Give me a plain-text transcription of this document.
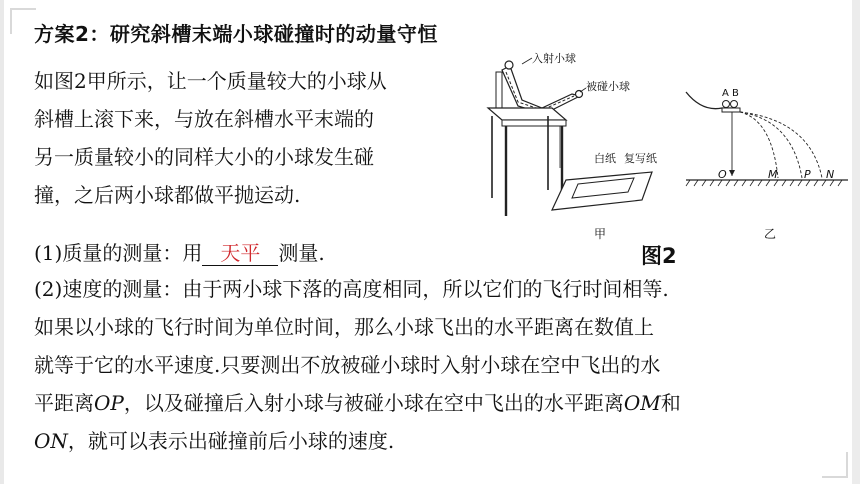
方案2：研究斜槽末端小球碰撞时的动量守恒
如图2甲所示，让一个质量较大的小球从
斜槽上滚下来，与放在斜槽水平末端的
另一质量较小的同样大小的小球发生碰
撞，之后两小球都做平抛运动.
(1)质量的测量：用 天平 测量.
(2)速度的测量：由于两小球下落的高度相同，所以它们的飞行时间相等.
如果以小球的飞行时间为单位时间，那么小球飞出的水平距离在数值上
就等于它的水平速度.只要测出不放被碰小球时入射小球在空中飞出的水
平距离OP，以及碰撞后入射小球与被碰小球在空中飞出的水平距离OM和
ON，就可以表示出碰撞前后小球的速度.
入射小球
被碰小球
白纸 复写纸
甲
A B
O	M P N
乙
图2
